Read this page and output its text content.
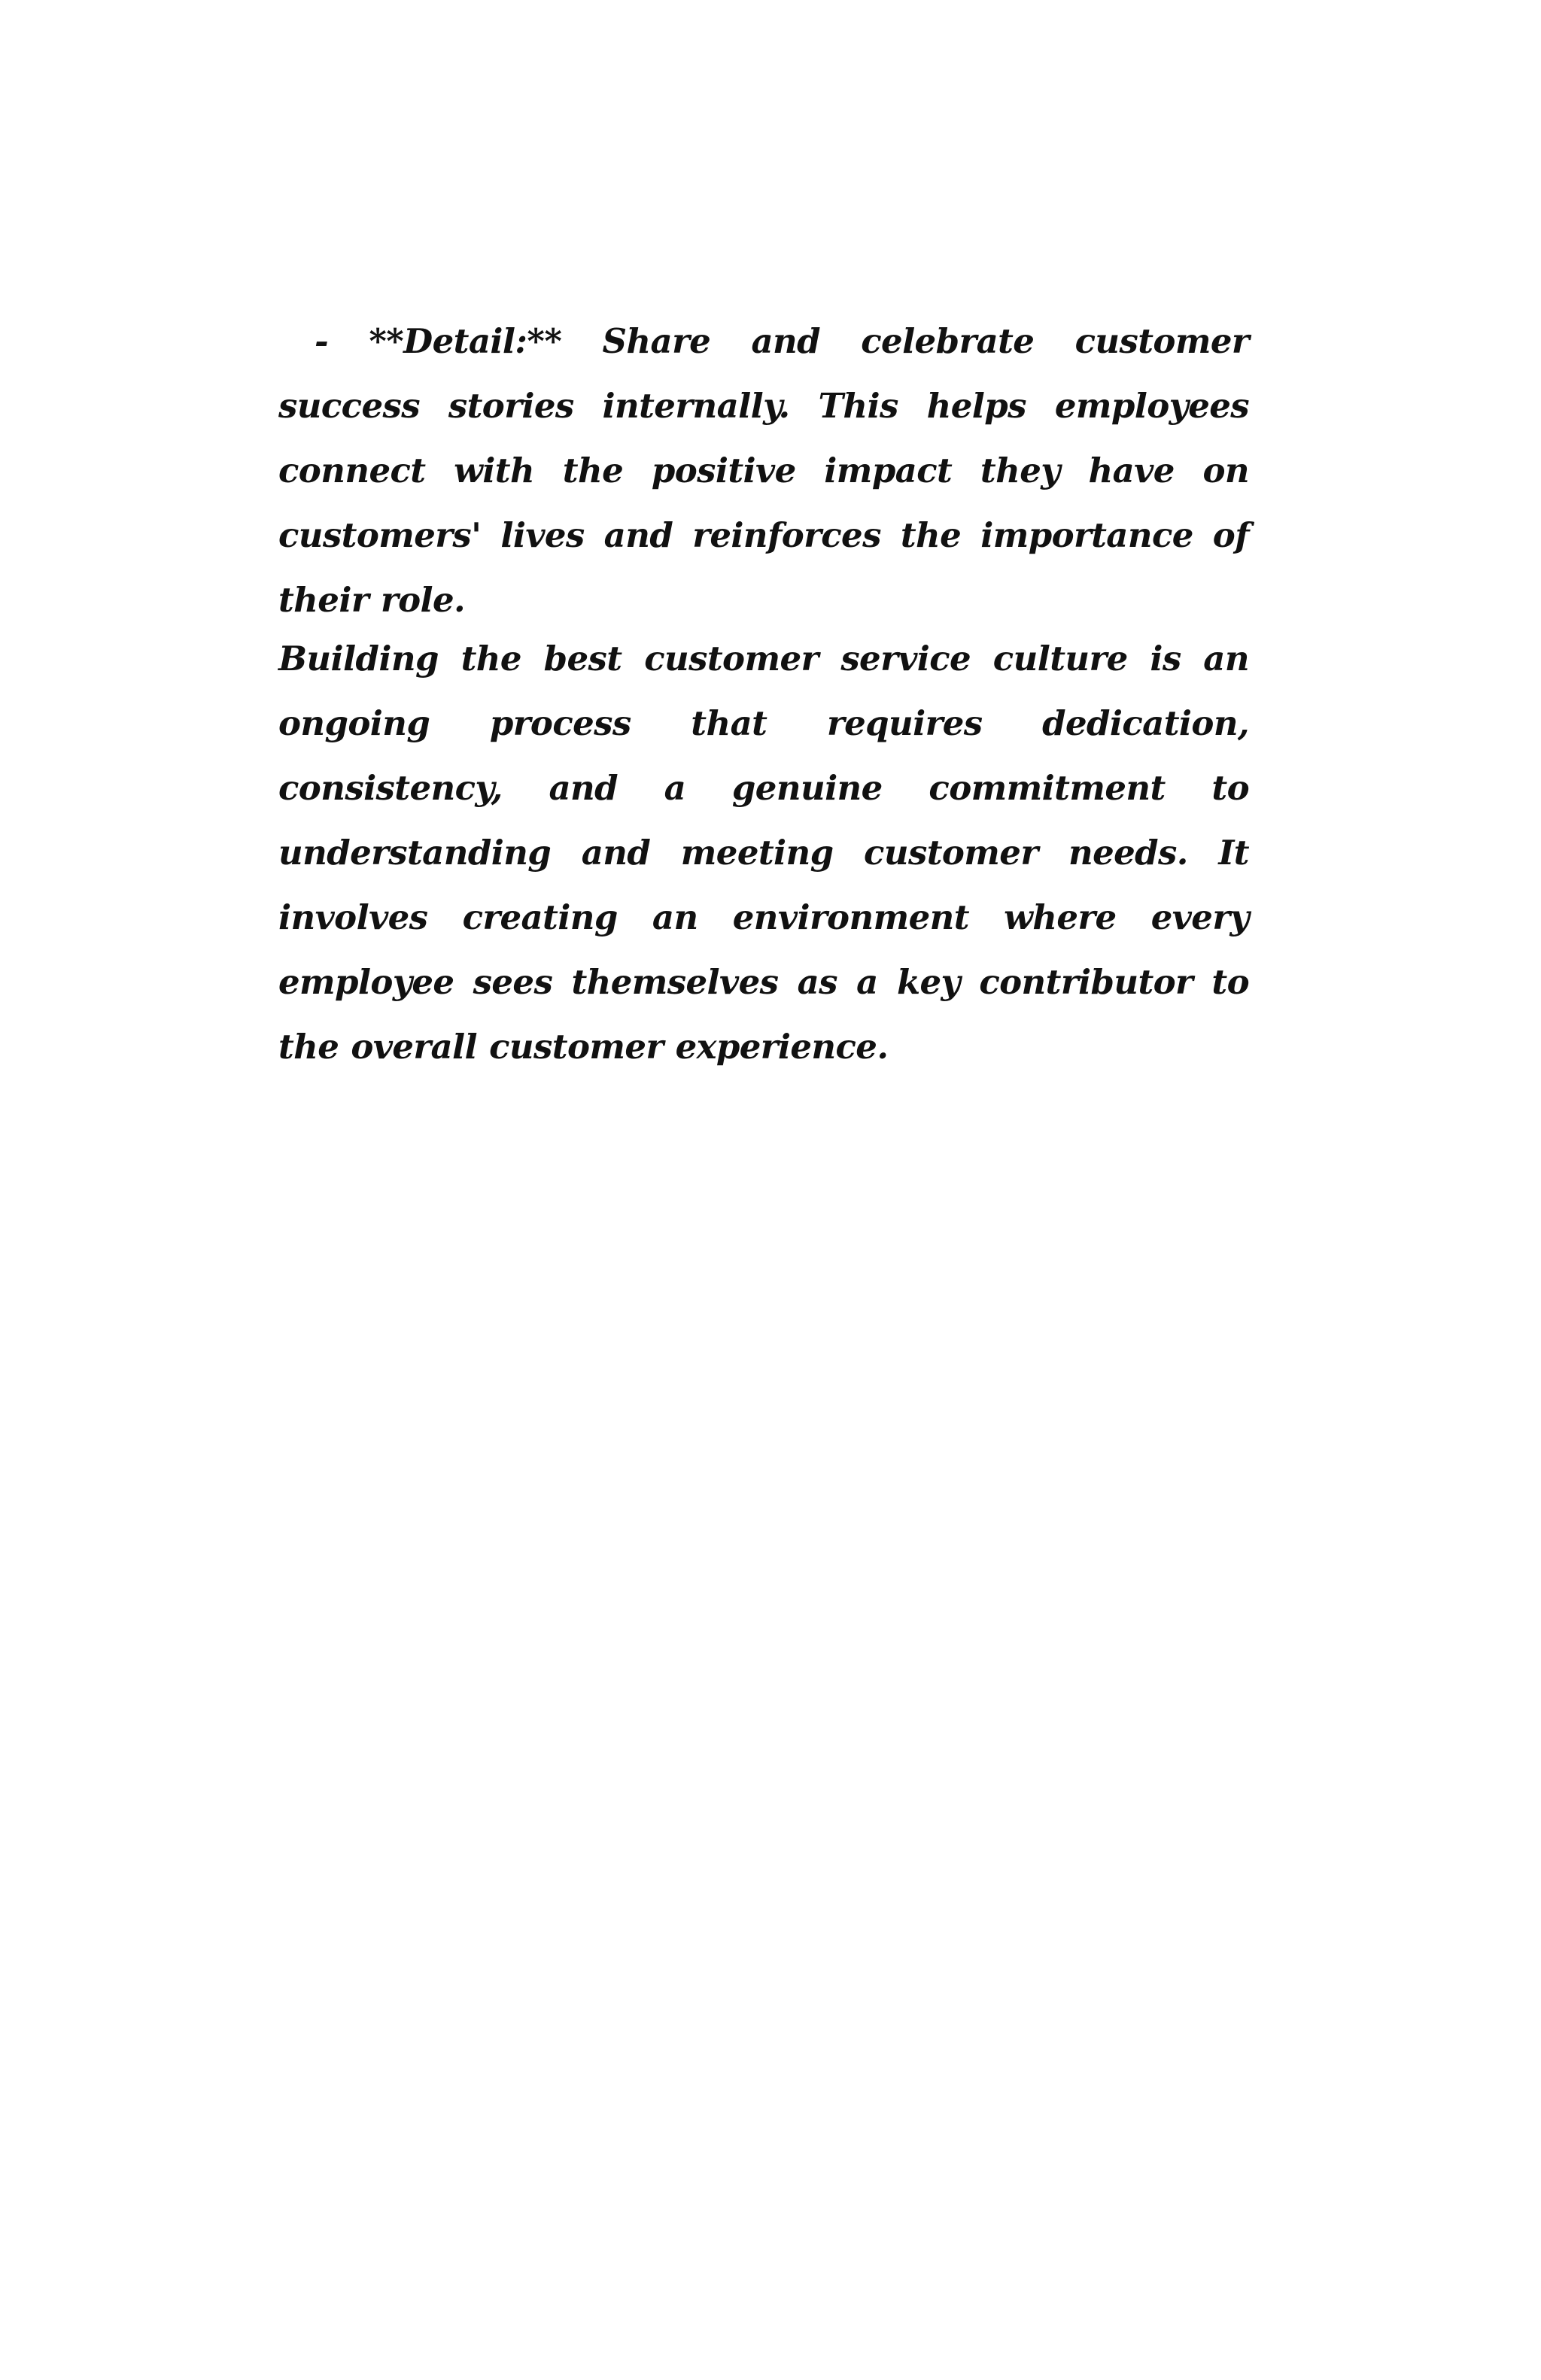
- **Detail:** Share and celebrate customer success stories internally. This helps employees connect with the positive impact they have on customers' lives and reinforces the importance of their role.

Building the best customer service culture is an ongoing process that requires dedication, consistency, and a genuine commitment to understanding and meeting customer needs. It involves creating an environment where every employee sees themselves as a key contributor to the overall customer experience.
